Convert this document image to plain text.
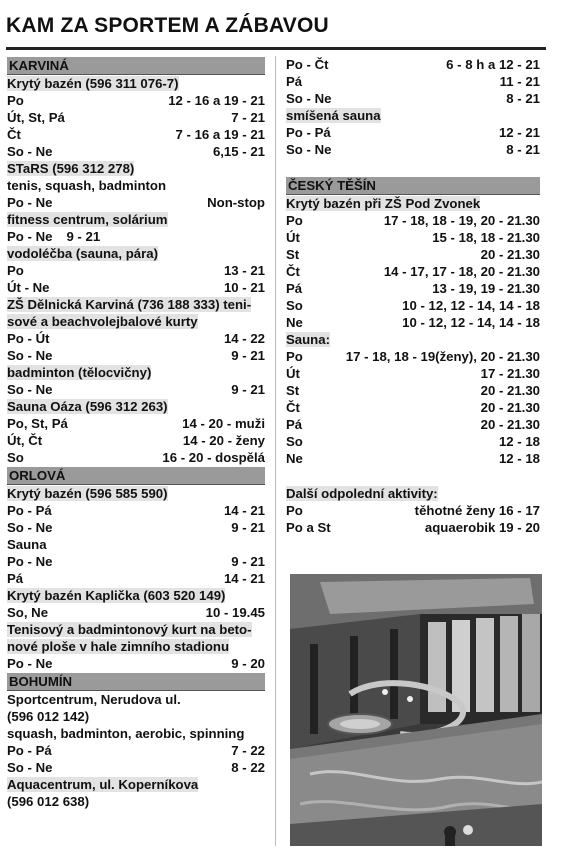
KAM ZA SPORTEM A ZÁBAVOU
KARVINÁ
Krytý bazén (596 311 076-7)
Po	12 - 16 a 19 - 21
Út, St, Pá	7 - 21
Čt	7 - 16 a 19 - 21
So - Ne	6,15 - 21
STaRS (596 312 278)
tenis, squash, badminton
Po - Ne	Non-stop
fitness centrum, solárium
Po - Ne 9 - 21
vodoléčba (sauna, pára)
Po	13 - 21
Út - Ne	10 - 21
ZŠ Dělnická Karviná (736 188 333) teni-
sové a beachvolejbalové kurty
Po - Út	14 - 22
So - Ne	9 - 21
badminton (tělocvičny)
So - Ne	9 - 21
Sauna Oáza (596 312 263)
Po, St, Pá	14 - 20 - muži
Út, Čt	14 - 20 - ženy
So	16 - 20 - dospělá
ORLOVÁ
Krytý bazén (596 585 590)
Po - Pá	14 - 21
So - Ne	9 - 21
Sauna
Po - Ne	9 - 21
Pá	14 - 21
Krytý bazén Kaplička (603 520 149)
So, Ne	10 - 19.45
Tenisový a badmintonový kurt na beto-
nové ploše v hale zimního stadionu
Po - Ne	9 - 20
BOHUMÍN
Sportcentrum, Nerudova ul.
(596 012 142)
squash, badminton, aerobic, spinning
Po - Pá	7 - 22
So - Ne	8 - 22
Aquacentrum, ul. Koperníkova
(596 012 638)
Po - Čt	6 - 8 h a 12 - 21
Pá	11 - 21
So - Ne	8 - 21
smíšená sauna
Po - Pá	12 - 21
So - Ne	8 - 21
ČESKÝ TĚŠÍN
Krytý bazén při ZŠ Pod Zvonek
Po	17 - 18, 18 - 19, 20 - 21.30
Út	15 - 18, 18 - 21.30
St	20 - 21.30
Čt	14 - 17, 17 - 18, 20 - 21.30
Pá	13 - 19, 19 - 21.30
So	10 - 12, 12 - 14, 14 - 18
Ne	10 - 12, 12 - 14, 14 - 18
Sauna:
Po	17 - 18, 18 - 19(ženy), 20 - 21.30
Út	17 - 21.30
St	20 - 21.30
Čt	20 - 21.30
Pá	20 - 21.30
So	12 - 18
Ne	12 - 18
Další odpolední aktivity:
Po	těhotné ženy 16 - 17
Po a St	aquaerobik 19 - 20
